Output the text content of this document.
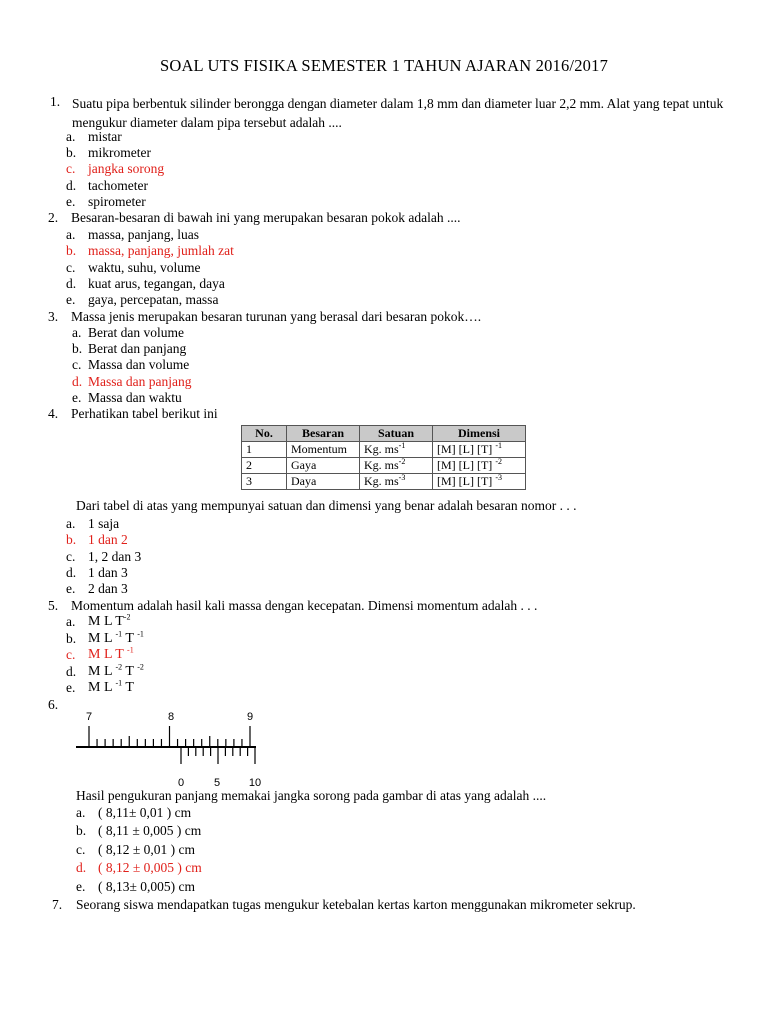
SOAL UTS FISIKA SEMESTER 1 TAHUN AJARAN 2016/2017
1. Suatu pipa berbentuk silinder berongga dengan diameter dalam 1,8 mm dan diameter luar 2,2 mm. Alat yang tepat untuk mengukur diameter dalam pipa tersebut adalah ....
a. mistar
b. mikrometer
c. jangka sorong
d. tachometer
e. spirometer
2. Besaran-besaran di bawah ini yang merupakan besaran pokok adalah ....
a. massa, panjang, luas
b. massa, panjang, jumlah zat
c. waktu, suhu, volume
d. kuat arus, tegangan, daya
e. gaya, percepatan, massa
3. Massa jenis merupakan besaran turunan yang berasal dari besaran pokok….
a. Berat dan volume
b. Berat dan panjang
c. Massa dan volume
d. Massa dan panjang
e. Massa dan waktu
4. Perhatikan tabel berikut ini
No.	Besaran	Satuan	Dimensi
1	Momentum	Kg. $ms^{-1}$	[M] [L] [T] $^{-1}$
2	Gaya	Kg. $ms^{-2}$	[M] [L] [T] $^{-2}$
3	Daya	Kg. $ms^{-3}$	[M] [L] [T] $^{-3}$
Dari tabel di atas yang mempunyai satuan dan dimensi yang benar adalah besaran nomor . . .
a. 1 saja
b. 1 dan 2
c. 1, 2 dan 3
d. 1 dan 3
e. 2 dan 3
5. Momentum adalah hasil kali massa dengan kecepatan. Dimensi momentum adalah . . .
a. M L $T^{-2}$
b. M L $^{-1}$ T $^{-1}$
c. M L T $^{-1}$
d. M L $^{-2}$ T $^{-2}$
e. M L $^{-1}$ T
6.
7	8	9
0	5	10
Hasil pengukuran panjang memakai jangka sorong pada gambar di atas yang adalah ....
a. ( 8,11± 0,01 ) cm
b. ( 8,11 ± 0,005 ) cm
c. ( 8,12 ± 0,01 ) cm
d. ( 8,12 ± 0,005 ) cm
e. ( 8,13± 0,005) cm
7. Seorang siswa mendapatkan tugas mengukur ketebalan kertas karton menggunakan mikrometer sekrup.
